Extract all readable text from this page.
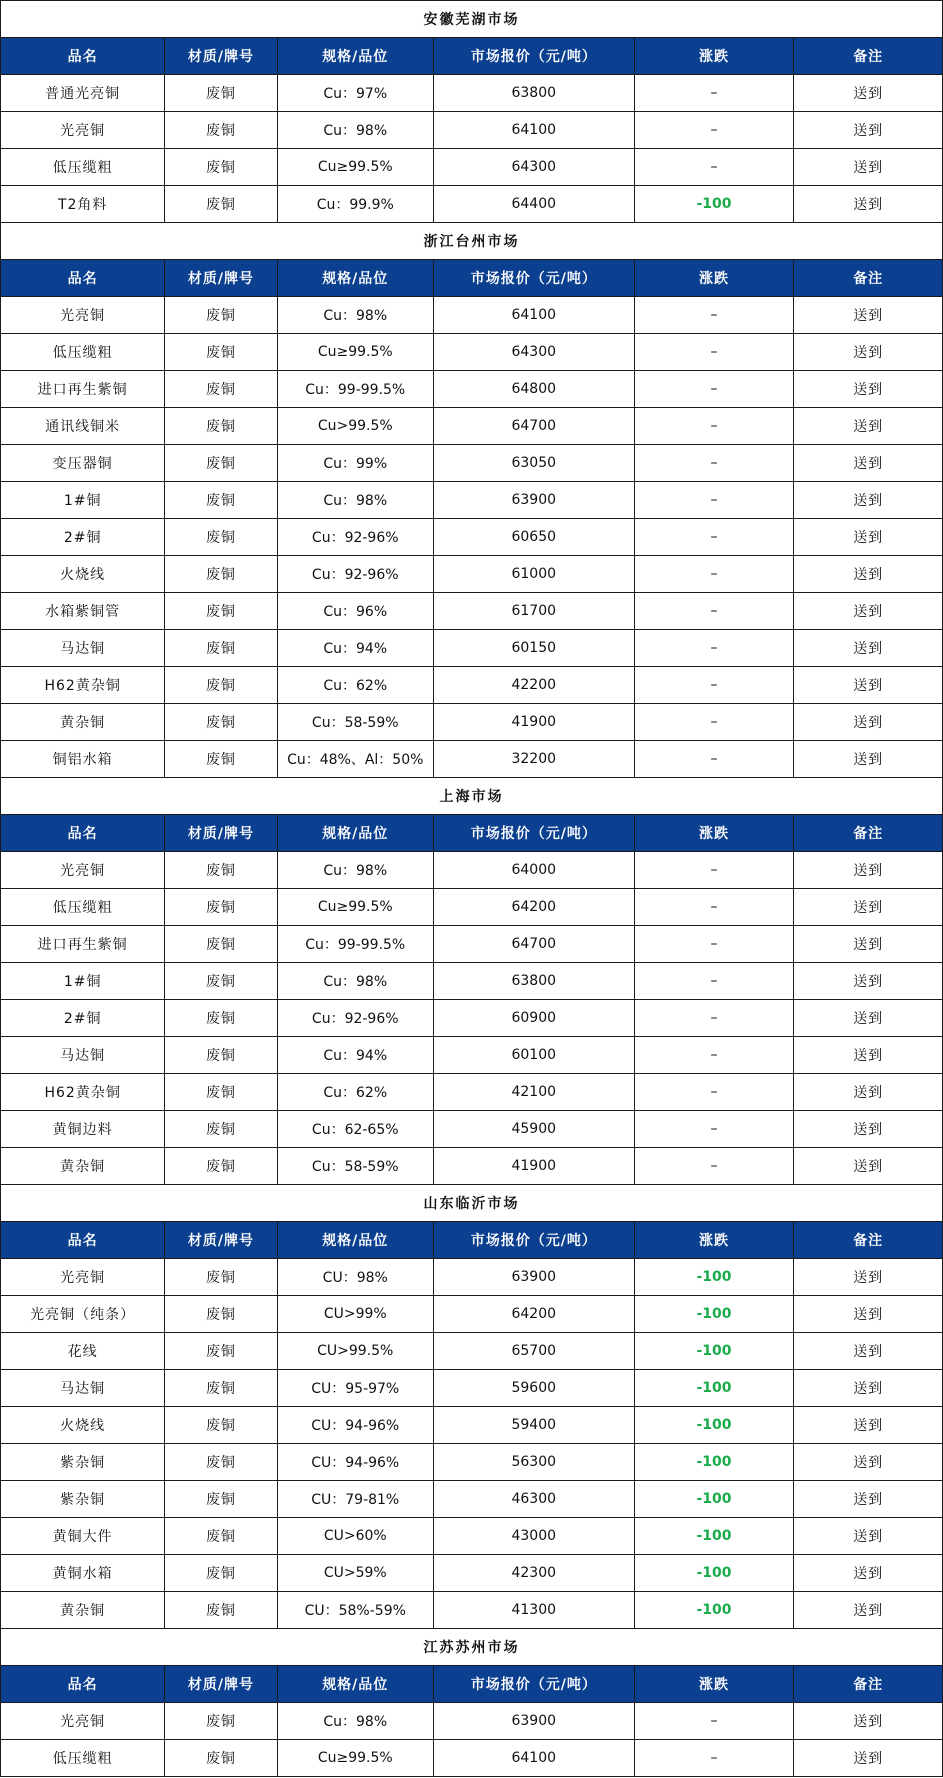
安徽芜湖市场					
品名	材质/牌号	规格/品位	市场报价（元/吨）	涨跌	备注
普通光亮铜	废铜	Cu：97%	63800	–	送到
光亮铜	废铜	Cu：98%	64100	–	送到
低压缆粗	废铜	Cu≥99.5%	64300	–	送到
T2角料	废铜	Cu：99.9%	64400	-100	送到
浙江台州市场					
品名	材质/牌号	规格/品位	市场报价（元/吨）	涨跌	备注
光亮铜	废铜	Cu：98%	64100	–	送到
低压缆粗	废铜	Cu≥99.5%	64300	–	送到
进口再生紫铜	废铜	Cu：99-99.5%	64800	–	送到
通讯线铜米	废铜	Cu>99.5%	64700	–	送到
变压器铜	废铜	Cu：99%	63050	–	送到
1#铜	废铜	Cu：98%	63900	–	送到
2#铜	废铜	Cu：92-96%	60650	–	送到
火烧线	废铜	Cu：92-96%	61000	–	送到
水箱紫铜管	废铜	Cu：96%	61700	–	送到
马达铜	废铜	Cu：94%	60150	–	送到
H62黄杂铜	废铜	Cu：62%	42200	–	送到
黄杂铜	废铜	Cu：58-59%	41900	–	送到
铜铝水箱	废铜	Cu：48%、Al：50%	32200	–	送到
上海市场					
品名	材质/牌号	规格/品位	市场报价（元/吨）	涨跌	备注
光亮铜	废铜	Cu：98%	64000	–	送到
低压缆粗	废铜	Cu≥99.5%	64200	–	送到
进口再生紫铜	废铜	Cu：99-99.5%	64700	–	送到
1#铜	废铜	Cu：98%	63800	–	送到
2#铜	废铜	Cu：92-96%	60900	–	送到
马达铜	废铜	Cu：94%	60100	–	送到
H62黄杂铜	废铜	Cu：62%	42100	–	送到
黄铜边料	废铜	Cu：62-65%	45900	–	送到
黄杂铜	废铜	Cu：58-59%	41900	–	送到
山东临沂市场					
品名	材质/牌号	规格/品位	市场报价（元/吨）	涨跌	备注
光亮铜	废铜	CU：98%	63900	-100	送到
光亮铜（纯条）	废铜	CU>99%	64200	-100	送到
花线	废铜	CU>99.5%	65700	-100	送到
马达铜	废铜	CU：95-97%	59600	-100	送到
火烧线	废铜	CU：94-96%	59400	-100	送到
紫杂铜	废铜	CU：94-96%	56300	-100	送到
紫杂铜	废铜	CU：79-81%	46300	-100	送到
黄铜大件	废铜	CU>60%	43000	-100	送到
黄铜水箱	废铜	CU>59%	42300	-100	送到
黄杂铜	废铜	CU：58%-59%	41300	-100	送到
江苏苏州市场					
品名	材质/牌号	规格/品位	市场报价（元/吨）	涨跌	备注
光亮铜	废铜	Cu：98%	63900	–	送到
低压缆粗	废铜	Cu≥99.5%	64100	–	送到
